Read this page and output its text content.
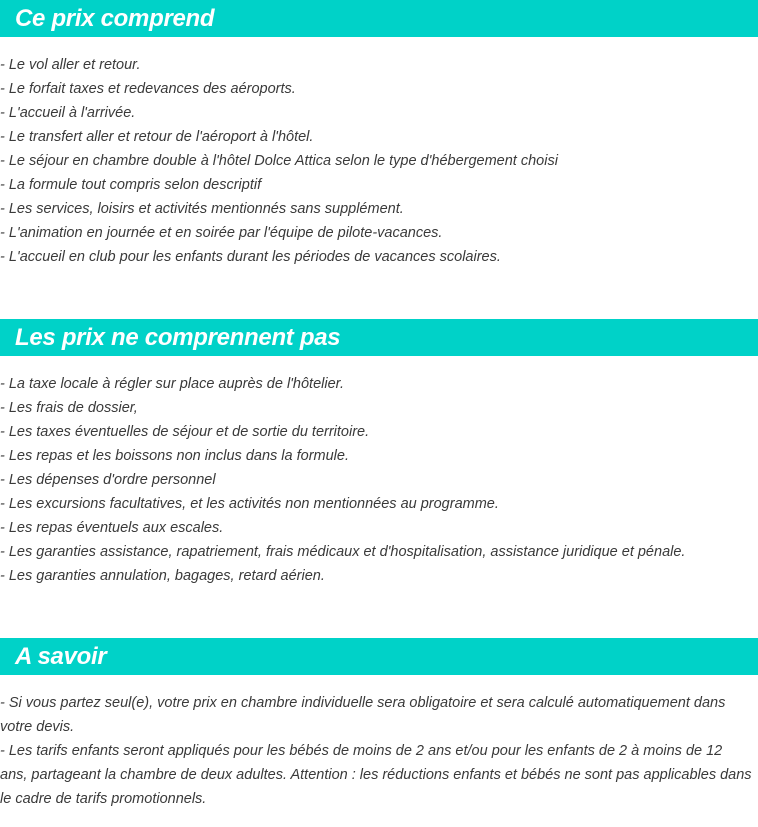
Ce prix comprend
- Le vol aller et retour.
- Le forfait taxes et redevances des aéroports.
- L'accueil à l'arrivée.
- Le transfert aller et retour de l'aéroport à l'hôtel.
- Le séjour en chambre double à l'hôtel Dolce Attica selon le type d'hébergement choisi
- La formule tout compris selon descriptif
- Les services, loisirs et activités mentionnés sans supplément.
- L'animation en journée et en soirée par l'équipe de pilote-vacances.
- L'accueil en club pour les enfants durant les périodes de vacances scolaires.
Les prix ne comprennent pas
- La taxe locale à régler sur place auprès de l'hôtelier.
- Les frais de dossier,
- Les taxes éventuelles de séjour et de sortie du territoire.
- Les repas et les boissons non inclus dans la formule.
- Les dépenses d'ordre personnel
- Les excursions facultatives, et les activités non mentionnées au programme.
- Les repas éventuels aux escales.
- Les garanties assistance, rapatriement, frais médicaux et d'hospitalisation, assistance juridique et pénale.
- Les garanties annulation, bagages, retard aérien.
A savoir

- Si vous partez seul(e), votre prix en chambre individuelle sera obligatoire et sera calculé automatiquement dans votre devis.

- Les tarifs enfants seront appliqués pour les bébés de moins de 2 ans et/ou pour les enfants de 2 à moins de 12 ans, partageant la chambre de deux adultes. Attention : les réductions enfants et bébés ne sont pas applicables dans le cadre de tarifs promotionnels.
